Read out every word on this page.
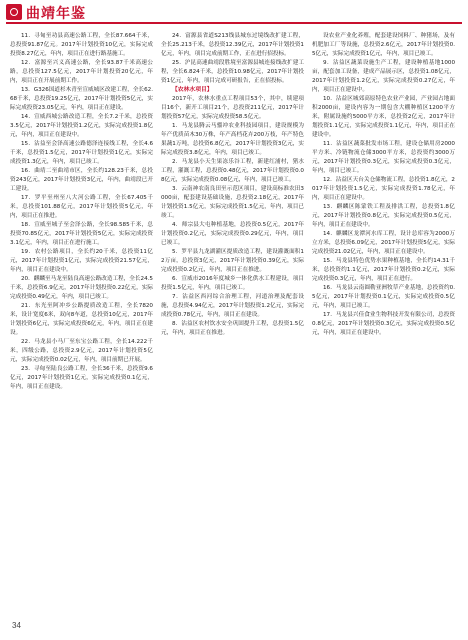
曲靖年鉴

11．寻甸至功县高速公路工程，全长87.664千米，总投资91.87亿元。2017年计划投资10亿元，实际完成投资8.27亿元，年内，项目正在进行路基施工。

12．富源至兴义高速公路，全长93.87千米高速公路，总投资127.5亿元，2017年计划投资20亿元，年内，项目正在开展前期工作。

13．G326国道杉木青至宣威城区改建工程，全长62.68千米，总投资19.25亿元，2017年计划投资5亿元，实际完成投资23.05亿元，年内，项目正在建设。

14．宣威西城公路改造工程，全长7.2千米，总投资3.5亿元，2017年计划投资1.2亿元，实际完成投资1.8亿元，年内，项目正在建设中。

15．沾益至会泽高速公路德泽连接线工程，全长4.6千米，总投资1.5亿元，2017年计划投资1亿元，实际完成投资1.3亿元，年内，项目已竣工。

16．曲靖二至曲靖市区，全长约128.23千米，总投资243亿元，2017年计划投资3亿元，年内，曲靖段已开工建设。

17．罗平至州至八大河公路工程，全长67.405千米，总投资101.88亿元，2017年计划投资5亿元，年内，项目正在推进。

18．宣威至城子至会泽公路，全长98.585千米，总投资70.85亿元，2017年计划投资5亿元，实际完成投资3.1亿元，年内，项目正在进行施工。

19．农村公路项目，全长约20千米，总投资11亿元，2017年计划投资1亿元，实际完成投资21.57亿元，年内，项目正在建设中。

20．麒麟至马龙至陆良高速公路改造工程，全长24.5千米，总投资6.9亿元，2017年计划投资0.22亿元，实际完成投资0.49亿元，年内，项目已竣工。

21．东光至阿冲乡公路提质改造工程，全长7820米，设计宽度6米，双向8车道，总投资10亿元，2017年计划投资6亿元，实际完成投资6亿元，年内，项目正在建设。

22．马龙县小马厂至东宝公路工程，全长14.222千米，四级公路，总投资2.9亿元，2017年计划投资5亿元，实际完成投资0.02亿元，年内，项目前期已开展。

23．寻甸至陆良公路工程，全长36千米，总投资9.6亿元，2017年计划投资1亿元，实际完成投资0.1亿元，年内，项目正在建设。

24．富源县省道S213线县城东过境线改扩建工程，全长25.213千米，总投资12.39亿元，2017年计划投资1亿元，年内，项目完成前期工作，正在进行招投标。

25．沪昆高速曲靖段胜境至富源县城连接线改扩建工程，全长6.824千米，总投资10.98亿元，2017年计划投资1亿元，年内，项目完成可研报告，正在招投标。

【农林水项目】

2017年，农林水重点工程项目53个，其中，续建项目16个，新开工项目21个，总投资211亿元，2017年计划投资57亿元，实际完成投资58.5亿元。

1．马龙县腾云马骝冲农业科技园项目，建设规模为年产优质苗木30万株，年产高档花卉200万枝，年产特色果蔬1万吨，总投资6.8亿元，2017年计划投资3亿元，实际完成投资3.8亿元，年内，项目已竣工。

2．马龙县小天生果冻乐谷工程，新建红浦村，猪水工程，灌溉工程，总投资0.48亿元，2017年计划投资0.08亿元，实际完成投资0.08亿元，年内，项目已竣工。

3．云南神农南良田至示范区项目，建设高标准农田3000亩，配套建设基础设施，总投资2.18亿元，2017年计划投资1.5亿元，实际完成投资1.5亿元，年内，项目已竣工。

4．师宗县大屯种植基地，总投资0.5亿元，2017年计划投资0.2亿元，实际完成投资0.29亿元，年内，项目已竣工。

5．罗平县九龙湖灌区提质改造工程，建设灌溉面积12万亩，总投资3亿元，2017年计划投资0.39亿元，实际完成投资0.2亿元，年内，项目正在推进。

6．宣威市2016年度城乡一体化供水工程建设，项目投资1.5亿元，年内，项目已竣工。

7．沾益区西河综合治理工程，河道治理及配套设施，总投资4.94亿元，2017年计划投资1.2亿元，实际完成投资0.78亿元，年内，项目正在建设。

8．沾益区农村饮水安全巩固提升工程，总投资1.5亿元，年内，项目正在推进。

设农业产业化养殖，配套建设饲料厂、种猪场，及有机肥加工厂等设施，总投资2.6亿元，2017年计划投资0.5亿元，实际完成投资1亿元，年内，项目已竣工。

9．沾益区蔬菜设施生产工程，建设种植基地1000亩，配套加工设备，建成产品展示区，总投资1.08亿元，2017年计划投资1.2亿元，实际完成投资0.27亿元，年内，项目正在建设中。

10．沾益区城郊高原特色农业产业园，产业园占地面积2000亩，建设内容为一期包含大棚种植区1200平方米，附属设施约5000平方米，总投资2亿元，2017年计划投资1.1亿元，实际完成投资1.1亿元，年内，项目正在建设中。

11．沾益区蔬菜批发市场工程，建设仓储用房2000平方米、冷链物流仓储3000平方米，总投资约3000万元，2017年计划投资0.3亿元，实际完成投资0.3亿元，年内，项目已竣工。

12．沾益区天台关仓储物流工程，总投资1.8亿元，2017年计划投资1.5亿元，实际完成投资1.78亿元，年内，项目正在建设中。

13．麒麟区陈蒙铁工程及排洪工程，总投资1.8亿元，2017年计划投资0.8亿元，实际完成投资0.5亿元，年内，项目正在建设中。

14．麒麟区龙潭河水库工程，设计总库容为2000万立方米，总投资6.09亿元，2017年计划投资5亿元，实际完成投资21.02亿元，年内，项目正在建设中。

15．马龙县特色优势水果种植基地，全长约14.31千米，总投资约1.1亿元，2017年计划投资0.2亿元，实际完成投资0.3亿元，年内，项目正在进行。

16．马龙县云南圆勒亚洲牧草产业基地，总投资约0.5亿元，2017年计划投资0.1亿元，实际完成投资0.5亿元，年内，项目已竣工。

17．马龙县兴佳食业生物科技开发有限公司，总投资0.8亿元，2017年计划投资0.3亿元，实际完成投资0.5亿元，年内，项目正在建设中。

34
